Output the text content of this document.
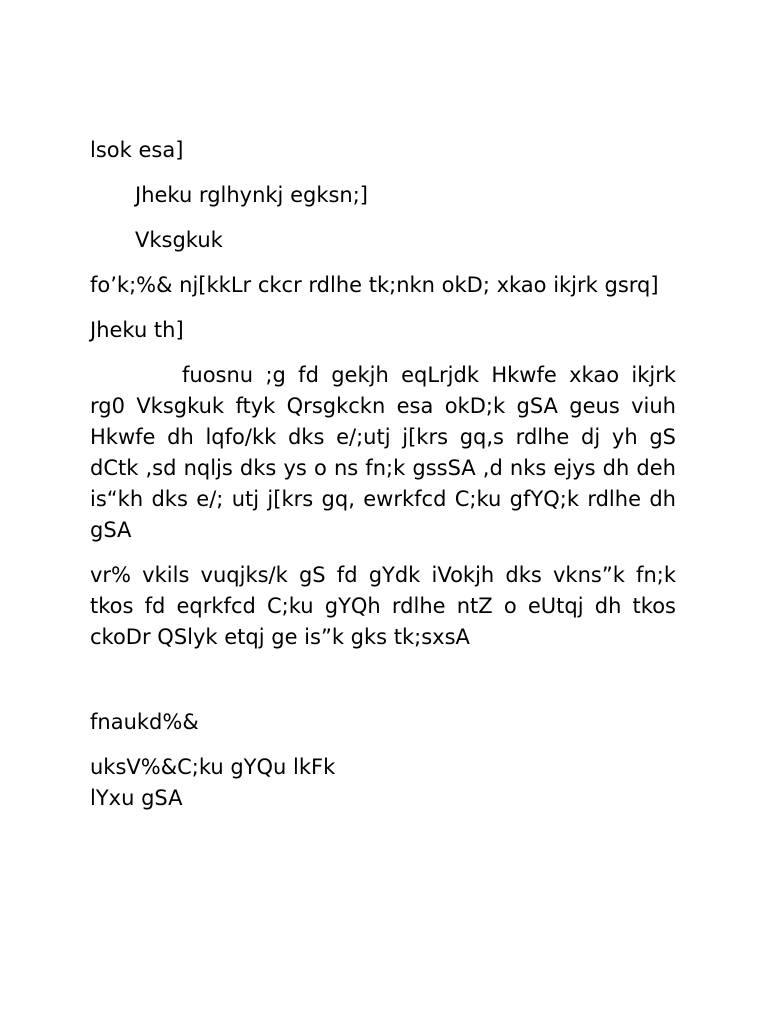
lsok esa]
Jheku rglhynkj egksn;]
Vksgkuk
fo’k;%& nj[kkLr ckcr rdlhe tk;nkn okD; xkao ikjrk gsrq]
Jheku th]
fuosnu ;g fd gekjh eqLrjdk Hkwfe xkao ikjrk rg0 Vksgkuk ftyk Qrsgkckn esa okD;k gSA geus viuh Hkwfe dh lqfo/kk dks e/;utj j[krs gq,s rdlhe dj yh gS dCtk ,sd nqljs dks ys o ns fn;k gssSA ,d nks ejys dh deh is“kh dks e/; utj j[krs gq, ewrkfcd C;ku gfYQ;k rdlhe dh gSA
vr% vkils vuqjks/k gS fd gYdk iVokjh dks vkns”k fn;k tkos fd eqrkfcd C;ku gYQh rdlhe ntZ o eUtqj dh tkos ckoDr QSlyk etqj ge is”k gks tk;sxsA
fnaukd%&
uksV%&C;ku gYQu lkFk
lYxu gSA
